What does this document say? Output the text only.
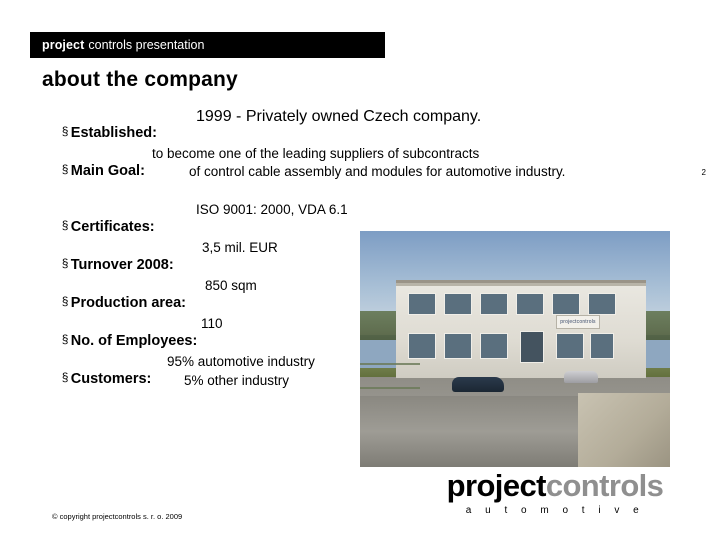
project controls presentation
about the company

§ Established:

1999 - Privately owned Czech company.

§ Main Goal:

to become one of the leading suppliers of subcontracts
of control cable assembly and modules for automotive industry.

§ Certificates:

ISO 9001: 2000, VDA 6.1

§ Turnover 2008:

3,5 mil. EUR

§ Production area:

850 sqm

§ No. of Employees:

110

§ Customers:

95% automotive industry
5% other industry
2
projectcontrols
projectcontrols
a u t o m o t i v e
© copyright projectcontrols s. r. o. 2009
